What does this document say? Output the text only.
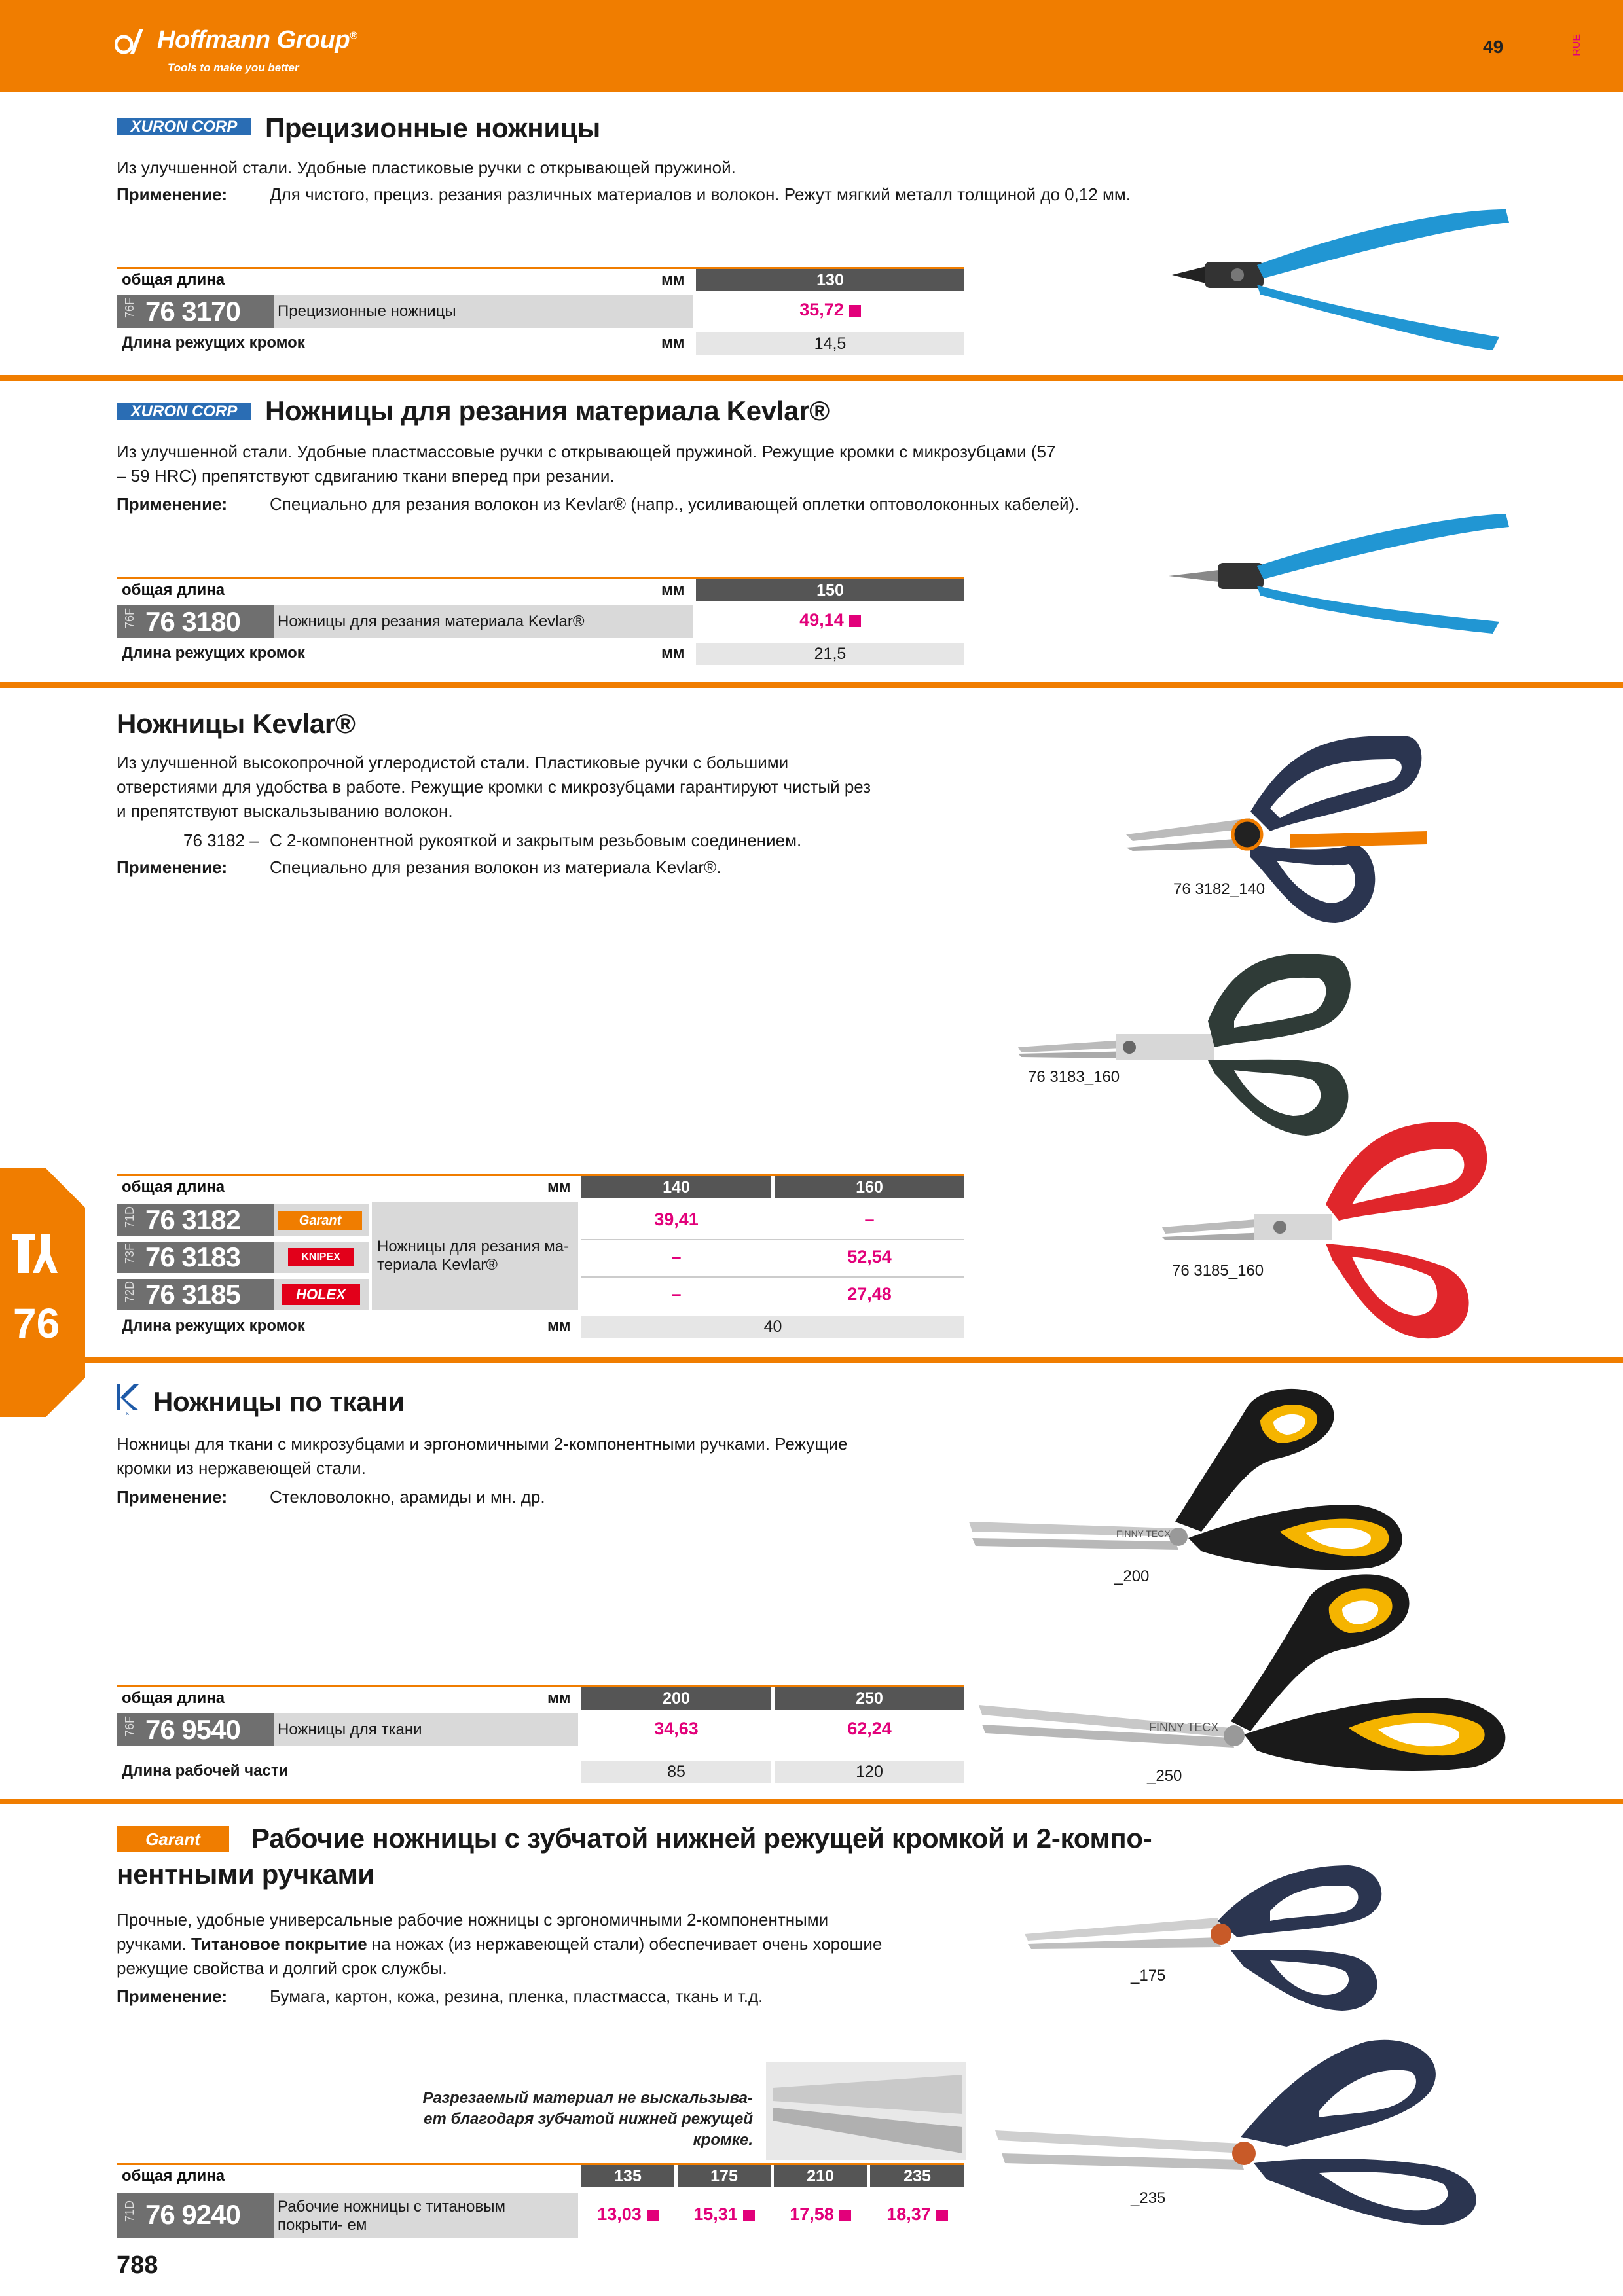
Hoffmann Group®
Tools to make you better
49	RUE
XURON CORP Прецизионные ножницы
Из улучшенной стали. Удобные пластиковые ручки с открывающей пружиной.
Применение: Для чистого, прециз. резания различных материалов и волокон. Режут мягкий металл толщиной до 0,12 мм.
общая длина	мм	130
76F 76 3170 Прецизионные ножницы	35,72
Длина режущих кромок	мм	14,5
XURON CORP Ножницы для резания материала Kevlar®
Из улучшенной стали. Удобные пластмассовые ручки с открывающей пружиной. Режущие кромки с микрозубцами (57
– 59 HRC) препятствуют сдвиганию ткани вперед при резании.
Применение: Специально для резания волокон из Kevlar® (напр., усиливающей оплетки оптоволоконных кабелей).
общая длина	мм	150
76F 76 3180 Ножницы для резания материала Kevlar®	49,14
Длина режущих кромок	мм	21,5
Ножницы Kevlar®
Из улучшенной высокопрочной углеродистой стали. Пластиковые ручки с большими
отверстиями для удобства в работе. Режущие кромки с микрозубцами гарантируют чистый рез
и препятствуют выскальзыванию волокон.
76 3182 – С 2-компонентной рукояткой и закрытым резьбовым соединением.
Применение: Специально для резания волокон из материала Kevlar®.
76 3182_140
76 3183_160
76 3185_160
общая длина	мм	140	160
Ножницы для резания ма- териала Kevlar®
71D 76 3182	Garant	39,41	–
73F 76 3183	KNIPEX	–	52,54
72D 76 3185	HOLEX	–	27,48
Длина режущих кромок	мм	40
76
K Ножницы по ткани
Ножницы для ткани с микрозубцами и эргономичными 2-компонентными ручками. Режущие
кромки из нержавеющей стали.
Применение: Стекловолокно, арамиды и мн. др.
FINNY TECX
_200
FINNY TECX
_250
общая длина	мм	200	250
76F 76 9540 Ножницы для ткани	34,63	62,24
Длина рабочей части	85	120
Garant	Рабочие ножницы с зубчатой нижней режущей кромкой и 2-компо-
нентными ручками
Прочные, удобные универсальные рабочие ножницы с эргономичными 2-компонентными
ручками. Титановое покрытие на ножах (из нержавеющей стали) обеспечивает очень хорошие
режущие свойства и долгий срок службы.
Применение: Бумага, картон, кожа, резина, пленка, пластмасса, ткань и т.д.
Разрезаемый материал не выскальзыва-
ет благодаря зубчатой нижней режущей
кромке.
_175
_235
общая длина	135	175	210	235
71D 76 9240 Рабочие ножницы с титановым покрыти- ем
13,03	15,31	17,58	18,37
788
